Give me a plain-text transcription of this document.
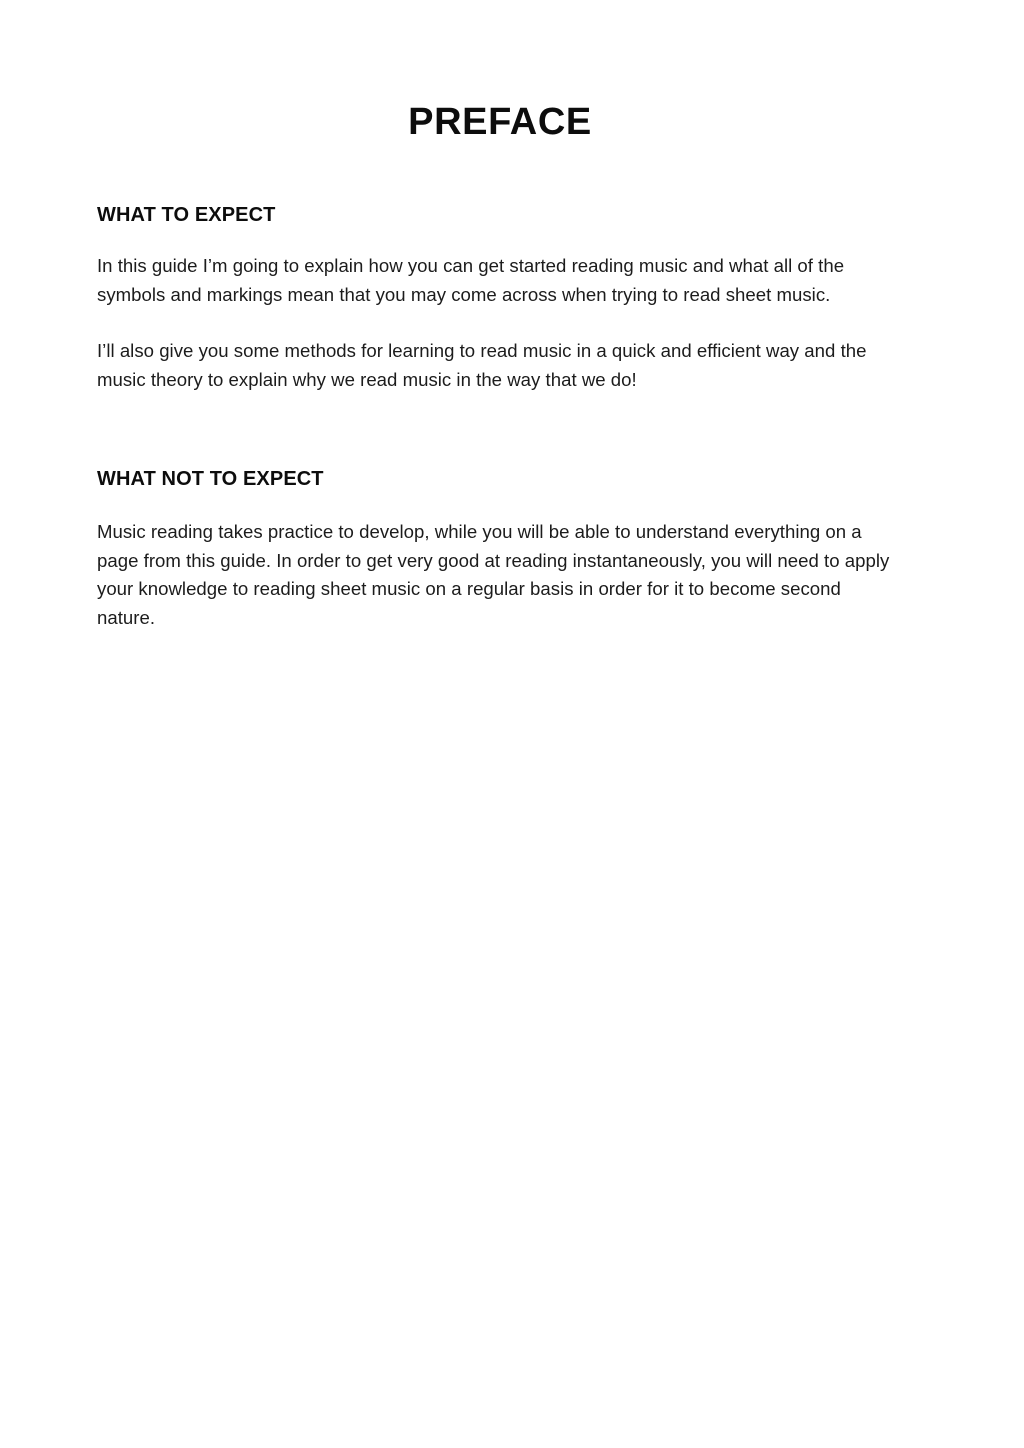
PREFACE
WHAT TO EXPECT

In this guide I’m going to explain how you can get started reading music and what all of the symbols and markings mean that you may come across when trying to read sheet music.

I’ll also give you some methods for learning to read music in a quick and efficient way and the music theory to explain why we read music in the way that we do!

WHAT NOT TO EXPECT

Music reading takes practice to develop, while you will be able to understand everything on a page from this guide. In order to get very good at reading instantaneously, you will need to apply your knowledge to reading sheet music on a regular basis in order for it to become second nature.
